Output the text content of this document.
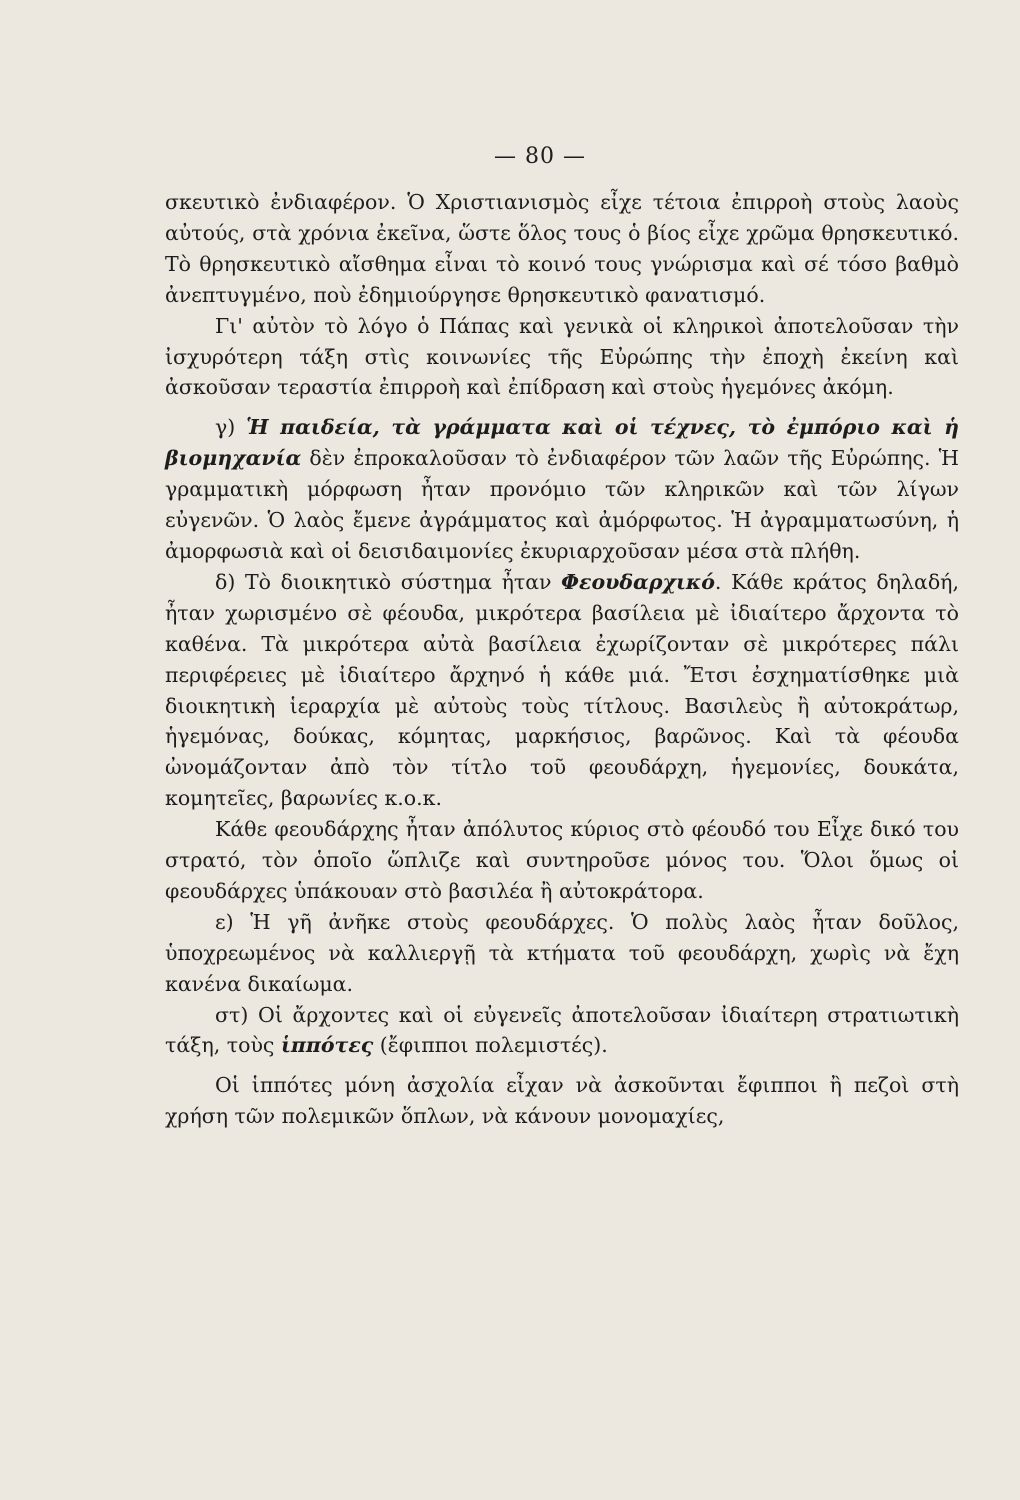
— 80 —

σκευτικὸ ἐνδιαφέρον. Ὁ Χριστιανισμὸς εἶχε τέτοια ἐπιρροὴ στοὺς λαοὺς αὐτούς, στὰ χρόνια ἐκεῖνα, ὥστε ὅλος τους ὁ βίος εἶχε χρῶμα θρησκευτικό. Τὸ θρησκευτικὸ αἴσθημα εἶναι τὸ κοινό τους γνώρισμα καὶ σέ τόσο βαθμὸ ἀνεπτυγμένο, ποὺ ἐδημιούργησε θρησκευτικὸ φανατισμό.

Γι' αὐτὸν τὸ λόγο ὁ Πάπας καὶ γενικὰ οἱ κληρικοὶ ἀποτελοῦσαν τὴν ἰσχυρότερη τάξη στὶς κοινωνίες τῆς Εὐρώπης τὴν ἐποχὴ ἐκείνη καὶ ἀσκοῦσαν τεραστία ἐπιρροὴ καὶ ἐπίδραση καὶ στοὺς ἡγεμόνες ἀκόμη.

γ) Ἡ παιδεία, τὰ γράμματα καὶ οἱ τέχνες, τὸ ἐμπόριο καὶ ἡ βιομηχανία δὲν ἐπροκαλοῦσαν τὸ ἐνδιαφέρον τῶν λαῶν τῆς Εὐρώπης. Ἡ γραμματικὴ μόρφωση ἦταν προνόμιο τῶν κληρικῶν καὶ τῶν λίγων εὐγενῶν. Ὁ λαὸς ἔμενε ἀγράμματος καὶ ἀμόρφωτος. Ἡ ἀγραμματωσύνη, ἡ ἀμορφωσιὰ καὶ οἱ δεισιδαιμονίες ἐκυριαρχοῦσαν μέσα στὰ πλήθη.

δ) Τὸ διοικητικὸ σύστημα ἦταν Φεουδαρχικό. Κάθε κράτος δηλαδή, ἦταν χωρισμένο σὲ φέουδα, μικρότερα βασίλεια μὲ ἰδιαίτερο ἄρχοντα τὸ καθένα. Τὰ μικρότερα αὐτὰ βασίλεια ἐχωρίζονταν σὲ μικρότερες πάλι περιφέρειες μὲ ἰδιαίτερο ἄρχηνό ἡ κάθε μιά. Ἔτσι ἐσχηματίσθηκε μιὰ διοικητικὴ ἱεραρχία μὲ αὐτοὺς τοὺς τίτλους. Βασιλεὺς ἢ αὐτοκράτωρ, ἡγεμόνας, δούκας, κόμητας, μαρκήσιος, βαρῶνος. Καὶ τὰ φέουδα ὠνομάζονταν ἀπὸ τὸν τίτλο τοῦ φεουδάρχη, ἡγεμονίες, δουκάτα, κομητεῖες, βαρωνίες κ.ο.κ.

Κάθε φεουδάρχης ἦταν ἀπόλυτος κύριος στὸ φέουδό του Εἶχε δικό του στρατό, τὸν ὁποῖο ὥπλιζε καὶ συντηροῦσε μόνος του. Ὅλοι ὅμως οἱ φεουδάρχες ὑπάκουαν στὸ βασιλέα ἢ αὐτοκράτορα.

ε) Ἡ γῆ ἀνῆκε στοὺς φεουδάρχες. Ὁ πολὺς λαὸς ἦταν δοῦλος, ὑποχρεωμένος νὰ καλλιεργῇ τὰ κτήματα τοῦ φεουδάρχη, χωρὶς νὰ ἔχη κανένα δικαίωμα.

στ) Οἱ ἄρχοντες καὶ οἱ εὐγενεῖς ἀποτελοῦσαν ἰδιαίτερη στρατιωτικὴ τάξη, τοὺς ἱππότες (ἔφιπποι πολεμιστές).

Οἱ ἱππότες μόνη ἀσχολία εἶχαν νὰ ἀσκοῦνται ἔφιπποι ἢ πεζοὶ στὴ χρήση τῶν πολεμικῶν ὅπλων, νὰ κάνουν μονομαχίες,
